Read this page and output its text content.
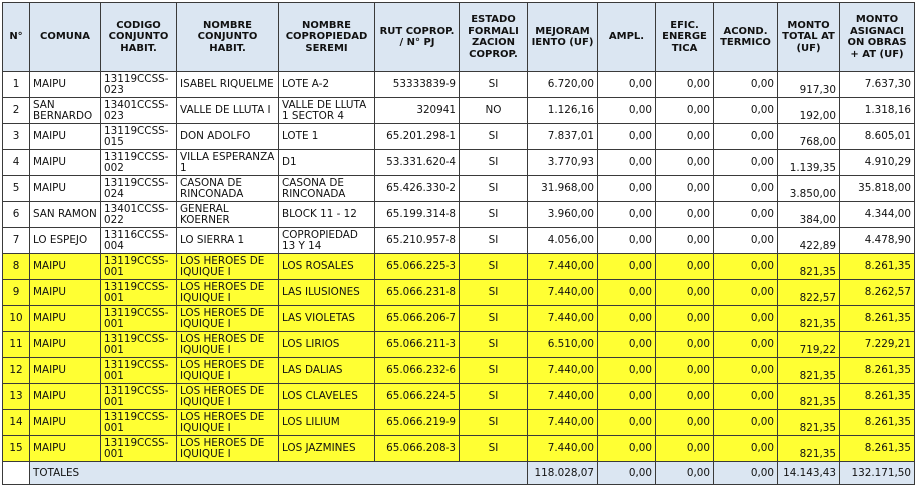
N°	COMUNA	CODIGO CONJUNTO HABIT.	NOMBRE CONJUNTO HABIT.	NOMBRE COPROPIEDAD SEREMI	RUT COPROP. / N° PJ	ESTADO FORMALI ZACION COPROP.	MEJORAM IENTO (UF)	AMPL.	EFIC. ENERGE TICA	ACOND. TERMICO	MONTO TOTAL AT (UF)	MONTO ASIGNACI ON OBRAS + AT (UF)
1	MAIPU	13119CCSS-023	ISABEL RIQUELME	LOTE A-2	53333839-9	SI	6.720,00	0,00	0,00	0,00	917,30	7.637,30
2	SAN BERNARDO	13401CCSS-023	VALLE DE LLUTA I	VALLE DE LLUTA 1 SECTOR 4	320941	NO	1.126,16	0,00	0,00	0,00	192,00	1.318,16
3	MAIPU	13119CCSS-015	DON ADOLFO	LOTE 1	65.201.298-1	SI	7.837,01	0,00	0,00	0,00	768,00	8.605,01
4	MAIPU	13119CCSS-002	VILLA ESPERANZA 1	D1	53.331.620-4	SI	3.770,93	0,00	0,00	0,00	1.139,35	4.910,29
5	MAIPU	13119CCSS-024	CASONA DE RINCONADA	CASONA DE RINCONADA	65.426.330-2	SI	31.968,00	0,00	0,00	0,00	3.850,00	35.818,00
6	SAN RAMON	13401CCSS-022	GENERAL KOERNER	BLOCK 11 - 12	65.199.314-8	SI	3.960,00	0,00	0,00	0,00	384,00	4.344,00
7	LO ESPEJO	13116CCSS-004	LO SIERRA 1	COPROPIEDAD 13 Y 14	65.210.957-8	SI	4.056,00	0,00	0,00	0,00	422,89	4.478,90
8	MAIPU	13119CCSS-001	LOS HEROES DE IQUIQUE I	LOS ROSALES	65.066.225-3	SI	7.440,00	0,00	0,00	0,00	821,35	8.261,35
9	MAIPU	13119CCSS-001	LOS HEROES DE IQUIQUE I	LAS ILUSIONES	65.066.231-8	SI	7.440,00	0,00	0,00	0,00	822,57	8.262,57
10	MAIPU	13119CCSS-001	LOS HEROES DE IQUIQUE I	LAS VIOLETAS	65.066.206-7	SI	7.440,00	0,00	0,00	0,00	821,35	8.261,35
11	MAIPU	13119CCSS-001	LOS HEROES DE IQUIQUE I	LOS LIRIOS	65.066.211-3	SI	6.510,00	0,00	0,00	0,00	719,22	7.229,21
12	MAIPU	13119CCSS-001	LOS HEROES DE IQUIQUE I	LAS DALIAS	65.066.232-6	SI	7.440,00	0,00	0,00	0,00	821,35	8.261,35
13	MAIPU	13119CCSS-001	LOS HEROES DE IQUIQUE I	LOS CLAVELES	65.066.224-5	SI	7.440,00	0,00	0,00	0,00	821,35	8.261,35
14	MAIPU	13119CCSS-001	LOS HEROES DE IQUIQUE I	LOS LILIUM	65.066.219-9	SI	7.440,00	0,00	0,00	0,00	821,35	8.261,35
15	MAIPU	13119CCSS-001	LOS HEROES DE IQUIQUE I	LOS JAZMINES	65.066.208-3	SI	7.440,00	0,00	0,00	0,00	821,35	8.261,35
	TOTALES						118.028,07	0,00	0,00	0,00	14.143,43	132.171,50
